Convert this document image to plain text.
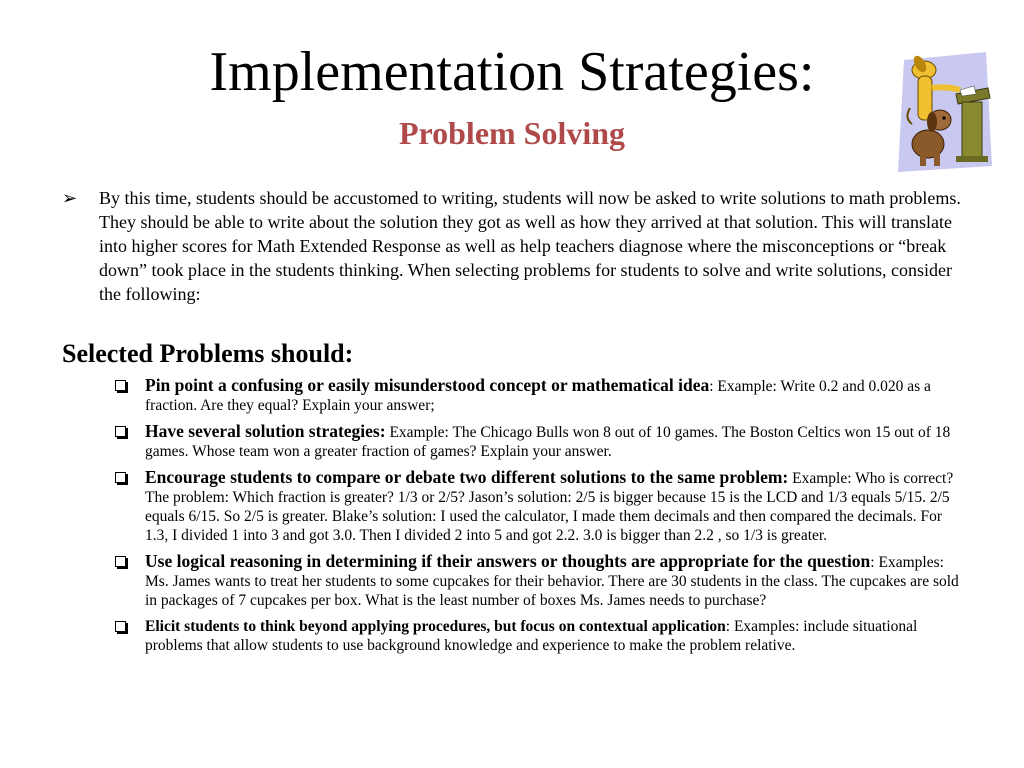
Implementation Strategies:
Problem Solving
➢ By this time, students should be accustomed to writing, students will now be asked to write solutions to math problems. They should be able to write about the solution they got as well as how they arrived at that solution. This will translate into higher scores for Math Extended Response as well as help teachers diagnose where the misconceptions or “break down” took place in the students thinking. When selecting problems for students to solve and write solutions, consider the following:
Selected Problems should:
Pin point a confusing or easily misunderstood concept or mathematical idea: Example: Write 0.2 and 0.020 as a fraction. Are they equal? Explain your answer;
Have several solution strategies: Example: The Chicago Bulls won 8 out of 10 games. The Boston Celtics won 15 out of 18 games. Whose team won a greater fraction of games? Explain your answer.
Encourage students to compare or debate two different solutions to the same problem: Example: Who is correct? The problem: Which fraction is greater? 1/3 or 2/5? Jason’s solution: 2/5 is bigger because 15 is the LCD and 1/3 equals 5/15. 2/5 equals 6/15. So 2/5 is greater. Blake’s solution: I used the calculator, I made them decimals and then compared the decimals. For 1.3, I divided 1 into 3 and got 3.0. Then I divided 2 into 5 and got 2.2. 3.0 is bigger than 2.2 , so 1/3 is greater.
Use logical reasoning in determining if their answers or thoughts are appropriate for the question: Examples: Ms. James wants to treat her students to some cupcakes for their behavior. There are 30 students in the class. The cupcakes are sold in packages of 7 cupcakes per box. What is the least number of boxes Ms. James needs to purchase?
Elicit students to think beyond applying procedures, but focus on contextual application: Examples: include situational problems that allow students to use background knowledge and experience to make the problem relative.
